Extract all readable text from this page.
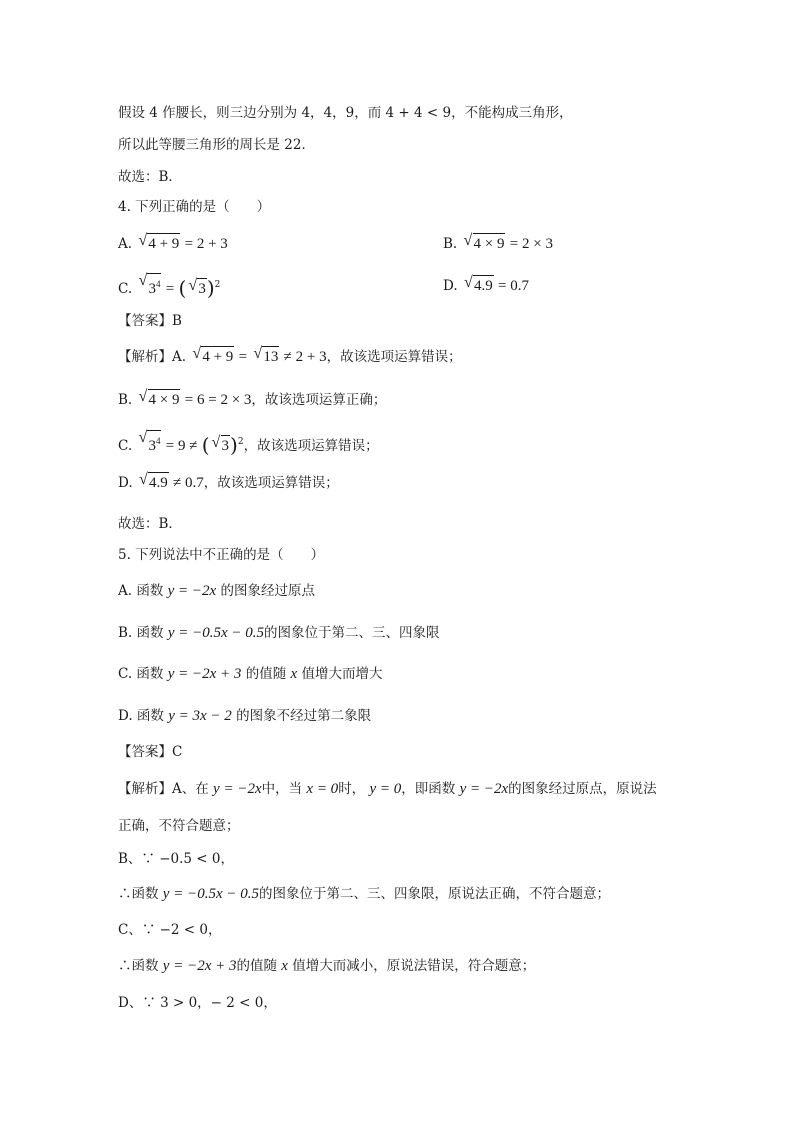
假设 4 作腰长，则三边分别为 4，4，9，而 4 + 4 < 9，不能构成三角形，
所以此等腰三角形的周长是 22．
故选：B．
4. 下列正确的是（　　）
A. √ 4 + 9 = 2 + 3	B. √ 4 × 9 = 2 × 3
C. √ $3^4$ = ( √ 3)$^2$	D. √ 4.9 = 0.7
【答案】B
【解析】A. √ 4 + 9 = √ 13 ≠ 2 + 3，故该选项运算错误；
B. √ 4 × 9 = 6 = 2 × 3，故该选项运算正确；
C. √ $3^4 = 9$ ≠ ( √ 3)$^2$，故该选项运算错误；
D. √ 4.9 ≠ 0.7，故该选项运算错误；
故选：B．
5. 下列说法中不正确的是（　　）
A. 函数 y = −2x 的图象经过原点
B. 函数 y = −0.5x − 0.5的图象位于第二、三、四象限
C. 函数 y = −2x + 3 的值随 x 值增大而增大
D. 函数 y = 3x − 2 的图象不经过第二象限
【答案】C
【解析】A、在 y = −2x中，当 x = 0时， y = 0，即函数 y = −2x的图象经过原点，原说法
正确，不符合题意；
B、∵ −0.5 < 0，
∴函数 y = −0.5x − 0.5的图象位于第二、三、四象限，原说法正确，不符合题意；
C、∵ −2 < 0，
∴函数 y = −2x + 3的值随 x 值增大而减小，原说法错误，符合题意；
D、∵ 3 > 0，− 2 < 0，
